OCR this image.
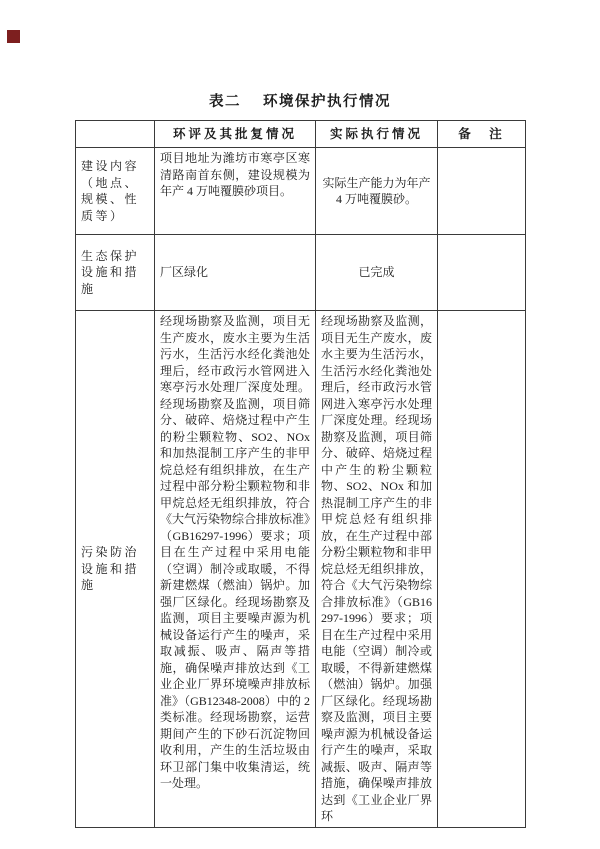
表二 环境保护执行情况
	环评及其批复情况	实际执行情况	备　注
建设内容（地点、规模、性质等）	项目地址为潍坊市寒亭区寒清路南首东侧，建设规模为年产 4 万吨覆膜砂项目。	实际生产能力为年产 4 万吨覆膜砂。	
生态保护设施和措施	厂区绿化	已完成	
污染防治设施和措施	经现场勘察及监测，项目无生产废水，废水主要为生活污水，生活污水经化粪池处理后，经市政污水管网进入寒亭污水处理厂深度处理。经现场勘察及监测，项目筛分、破碎、焙烧过程中产生的粉尘颗粒物、SO2、NOx 和加热混制工序产生的非甲烷总烃有组织排放，在生产过程中部分粉尘颗粒物和非甲烷总烃无组织排放，符合《大气污染物综合排放标准》（GB16297-1996）要求；项目在生产过程中采用电能（空调）制冷或取暖，不得新建燃煤（燃油）锅炉。加强厂区绿化。经现场勘察及监测，项目主要噪声源为机械设备运行产生的噪声，采取减振、吸声、隔声等措施，确保噪声排放达到《工业企业厂界环境噪声排放标准》（GB12348-2008）中的 2 类标准。经现场勘察，运营期间产生的下砂石沉淀物回收利用，产生的生活垃圾由环卫部门集中收集清运，统一处理。	经现场勘察及监测，项目无生产废水，废水主要为生活污水，生活污水经化粪池处理后，经市政污水管网进入寒亭污水处理厂深度处理。经现场勘察及监测，项目筛分、破碎、焙烧过程中产生的粉尘颗粒物、SO2、NOx 和加热混制工序产生的非甲烷总烃有组织排放，在生产过程中部分粉尘颗粒物和非甲烷总烃无组织排放，符合《大气污染物综合排放标准》（GB16297-1996）要求；项目在生产过程中采用电能（空调）制冷或取暖，不得新建燃煤（燃油）锅炉。加强厂区绿化。经现场勘察及监测，项目主要噪声源为机械设备运行产生的噪声，采取减振、吸声、隔声等措施，确保噪声排放达到《工业企业厂界环	
